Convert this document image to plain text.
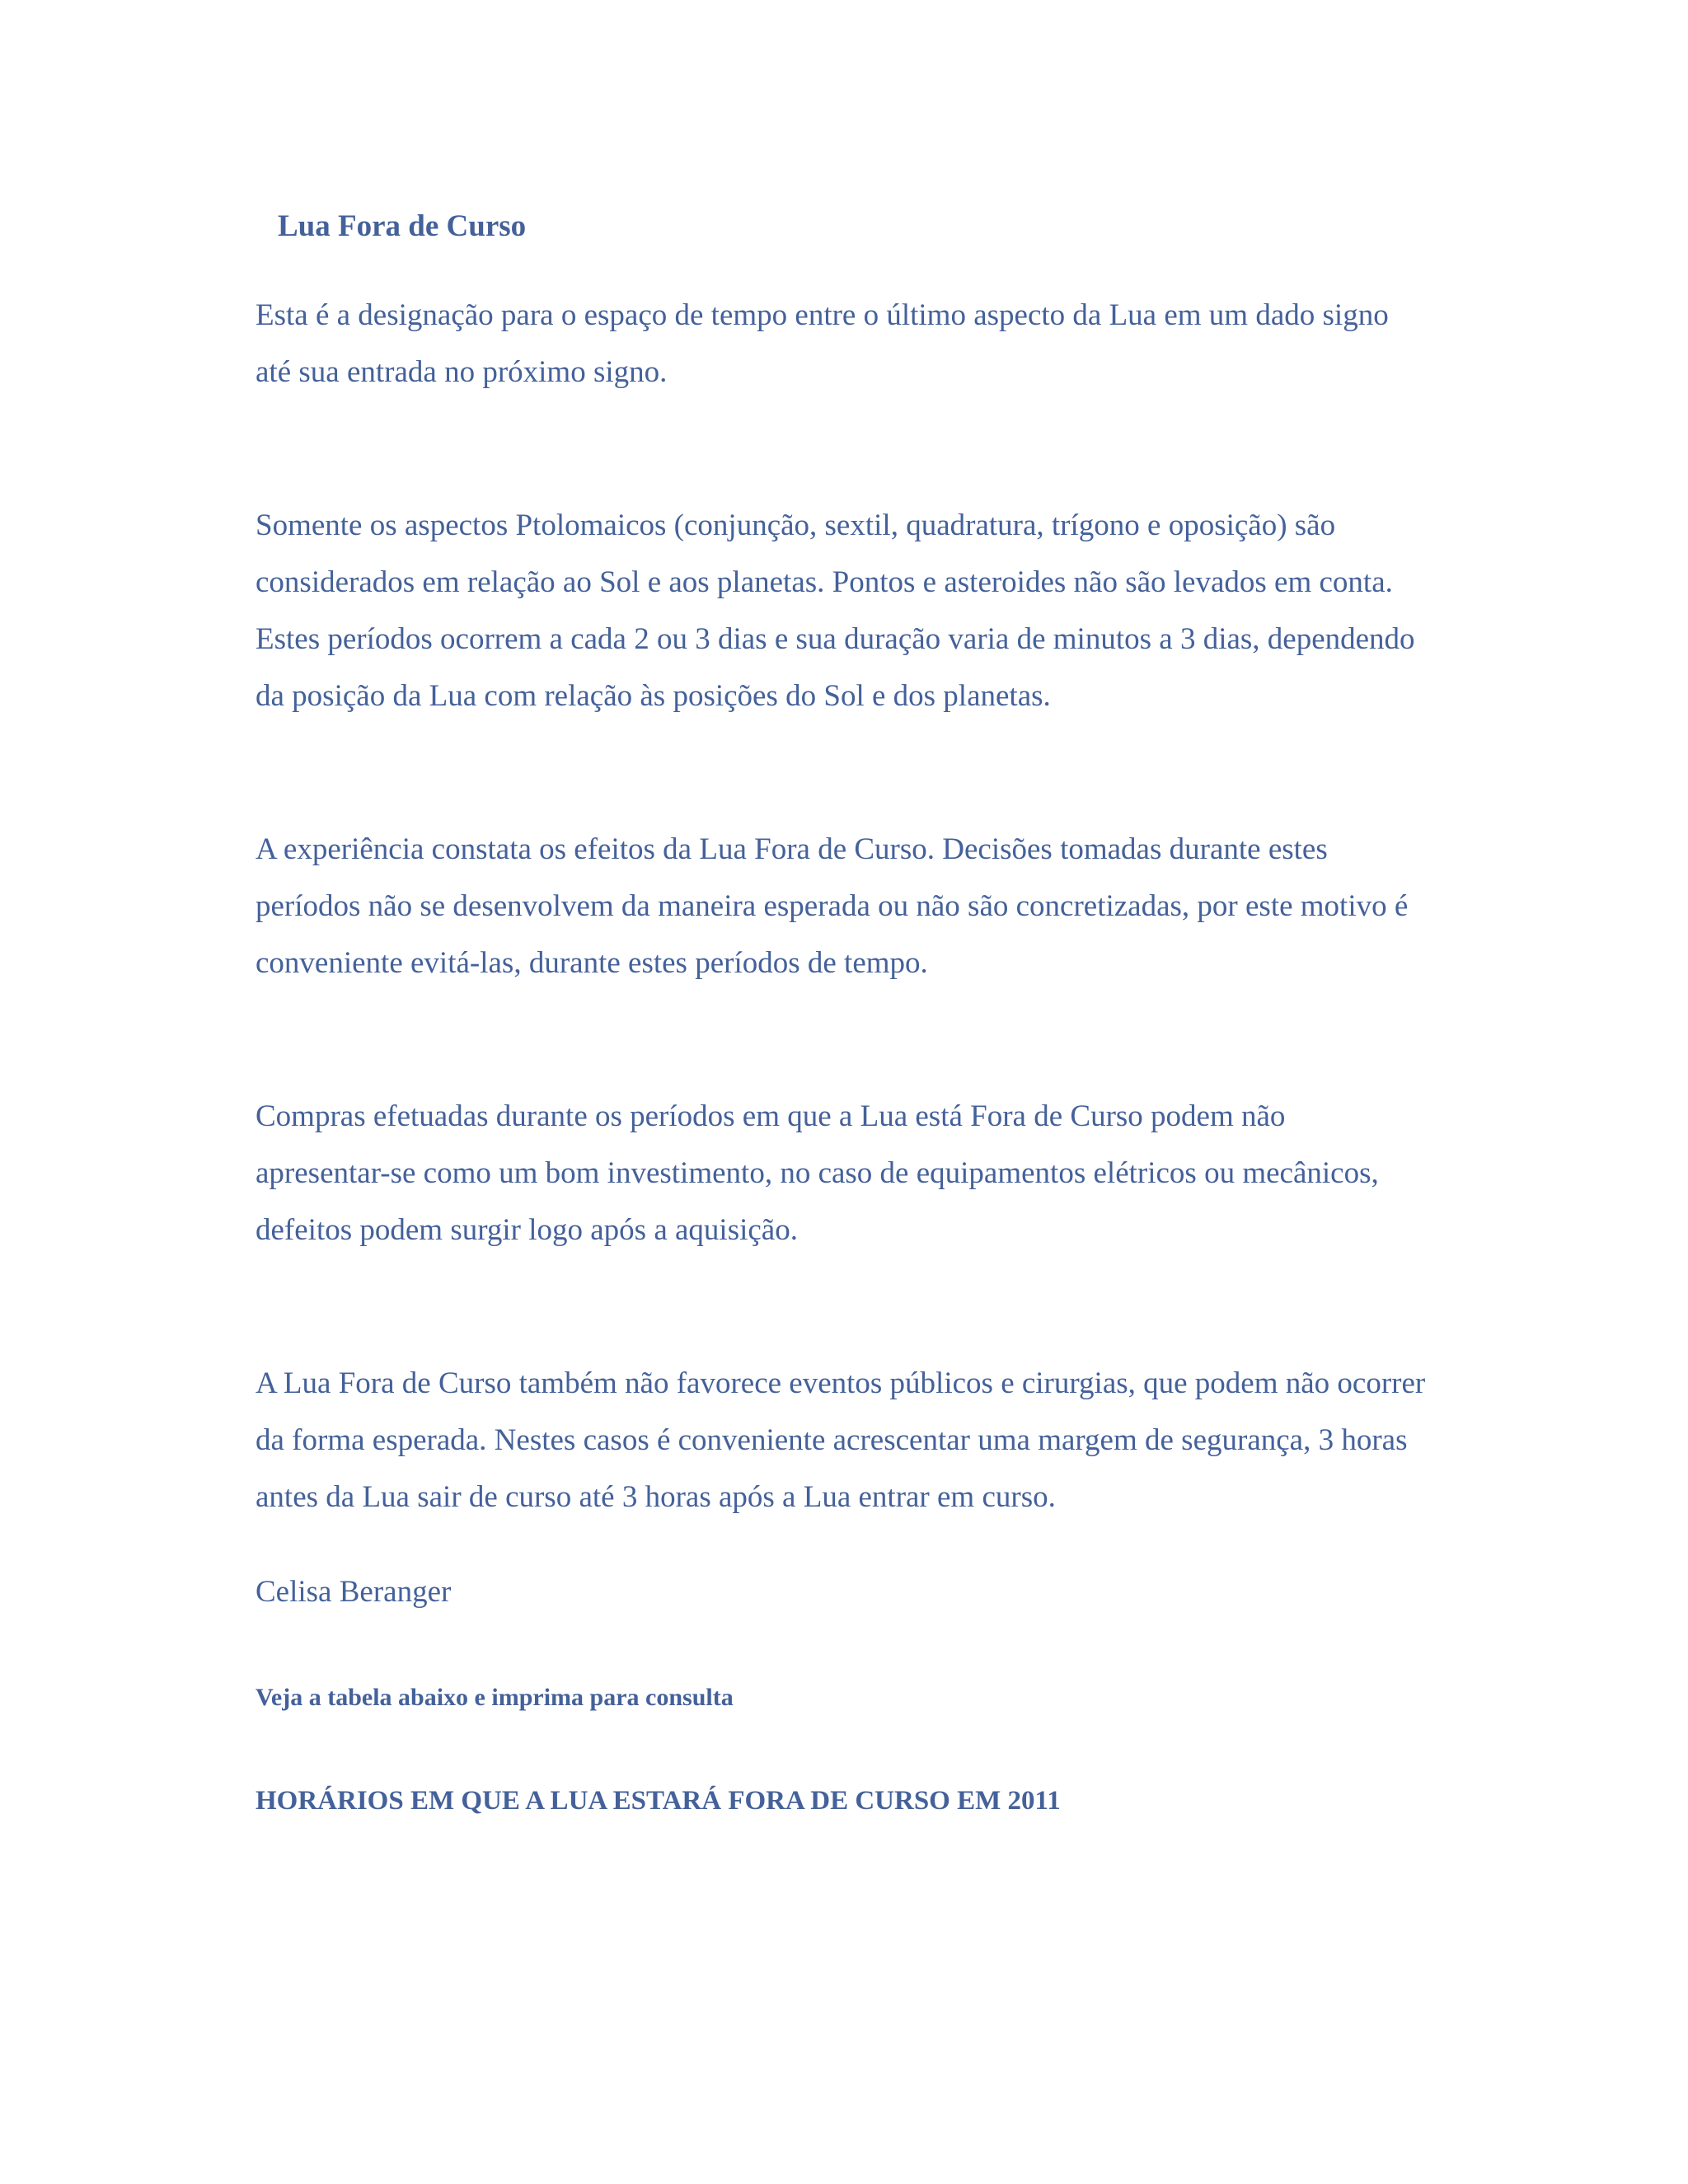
Lua Fora de Curso

Esta é a designação para o espaço de tempo entre o último aspecto da Lua em um dado signo até sua entrada no próximo signo.

Somente os aspectos Ptolomaicos (conjunção, sextil, quadratura, trígono e oposição) são considerados em relação ao Sol e aos planetas. Pontos e asteroides não são levados em conta.

Estes períodos ocorrem a cada 2 ou 3 dias e sua duração varia de minutos a 3 dias, dependendo da posição da Lua com relação às posições do Sol e dos planetas.

A experiência constata os efeitos da Lua Fora de Curso. Decisões tomadas durante estes períodos não se desenvolvem da maneira esperada ou não são concretizadas, por este motivo é conveniente evitá-las, durante estes períodos de tempo.

Compras efetuadas durante os períodos em que a Lua está Fora de Curso podem não apresentar-se como um bom investimento, no caso de equipamentos elétricos ou mecânicos, defeitos podem surgir logo após a aquisição.

A Lua Fora de Curso também não favorece eventos públicos e cirurgias, que podem não ocorrer da forma esperada. Nestes casos é conveniente acrescentar uma margem de segurança, 3 horas antes da Lua sair de curso até 3 horas após a Lua entrar em curso.

Celisa Beranger
Veja a tabela abaixo e imprima para consulta
HORÁRIOS EM QUE A LUA ESTARÁ FORA DE CURSO EM 2011
